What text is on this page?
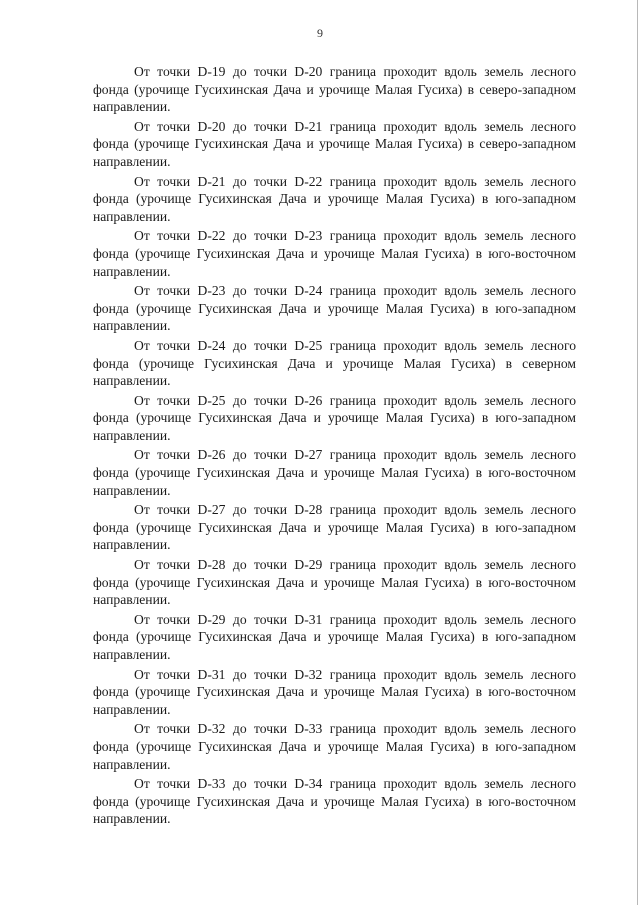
9

От точки D-19 до точки D-20 граница проходит вдоль земель лесного фонда (урочище Гусихинская Дача и урочище Малая Гусиха) в северо-западном направлении.

От точки D-20 до точки D-21 граница проходит вдоль земель лесного фонда (урочище Гусихинская Дача и урочище Малая Гусиха) в северо-западном направлении.

От точки D-21 до точки D-22 граница проходит вдоль земель лесного фонда (урочище Гусихинская Дача и урочище Малая Гусиха) в юго-западном направлении.

От точки D-22 до точки D-23 граница проходит вдоль земель лесного фонда (урочище Гусихинская Дача и урочище Малая Гусиха) в юго-восточном направлении.

От точки D-23 до точки D-24 граница проходит вдоль земель лесного фонда (урочище Гусихинская Дача и урочище Малая Гусиха) в юго-западном направлении.

От точки D-24 до точки D-25 граница проходит вдоль земель лесного фонда (урочище Гусихинская Дача и урочище Малая Гусиха) в северном направлении.

От точки D-25 до точки D-26 граница проходит вдоль земель лесного фонда (урочище Гусихинская Дача и урочище Малая Гусиха) в юго-западном направлении.

От точки D-26 до точки D-27 граница проходит вдоль земель лесного фонда (урочище Гусихинская Дача и урочище Малая Гусиха) в юго-восточном направлении.

От точки D-27 до точки D-28 граница проходит вдоль земель лесного фонда (урочище Гусихинская Дача и урочище Малая Гусиха) в юго-западном направлении.

От точки D-28 до точки D-29 граница проходит вдоль земель лесного фонда (урочище Гусихинская Дача и урочище Малая Гусиха) в юго-восточном направлении.

От точки D-29 до точки D-31 граница проходит вдоль земель лесного фонда (урочище Гусихинская Дача и урочище Малая Гусиха) в юго-западном направлении.

От точки D-31 до точки D-32 граница проходит вдоль земель лесного фонда (урочище Гусихинская Дача и урочище Малая Гусиха) в юго-восточном направлении.

От точки D-32 до точки D-33 граница проходит вдоль земель лесного фонда (урочище Гусихинская Дача и урочище Малая Гусиха) в юго-западном направлении.

От точки D-33 до точки D-34 граница проходит вдоль земель лесного фонда (урочище Гусихинская Дача и урочище Малая Гусиха) в юго-восточном направлении.
